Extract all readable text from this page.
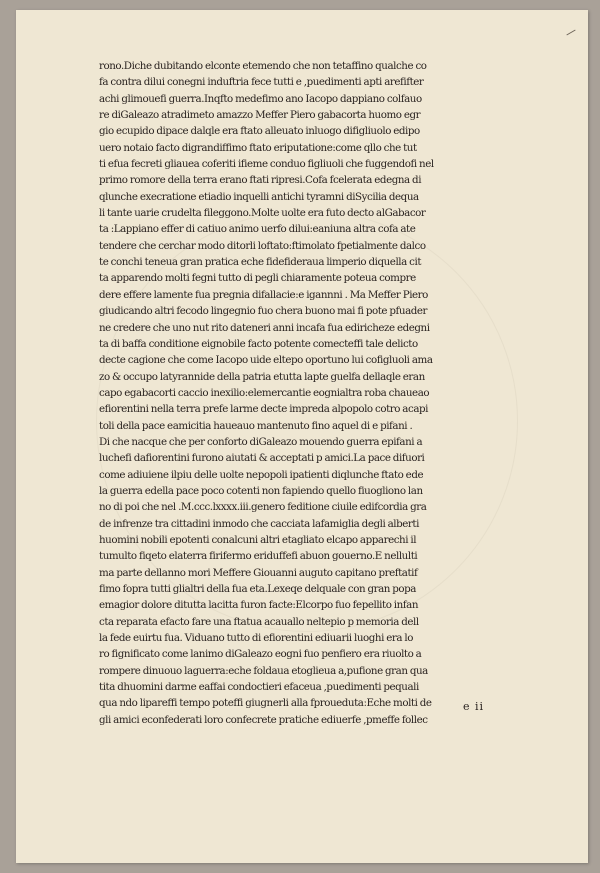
rono.Diche dubitando elconte etemendo che non tetaffino qualche co
fa contra dilui conegni induftria fece tutti e ,puedimenti apti arefifter
achi glimouefi guerra.Inqfto medefimo ano Iacopo dappiano colfauo
re diGaleazo atradimeto amazzo Meffer Piero gabacorta huomo egr
gio ecupido dipace dalqle era ftato alleuato inluogo difigliuolo edipo
uero notaio facto digrandiffimo ftato eriputatione:come qllo che tut
ti efua fecreti gliauea coferiti ifieme conduo figliuoli che fuggendofi nel
primo romore della terra erano ftati ripresi.Cofa fcelerata edegna di
qlunche execratione etiadio inquelli antichi tyramni diSycilia dequa
li tante uarie crudelta fileggono.Molte uolte era futo decto alGabacor
ta :Lappiano effer di catiuo animo uerfo dilui:eaniuna altra cofa ate
tendere che cerchar modo ditorli loftato:ftimolato fpetialmente dalco
te conchi teneua gran pratica eche fidefideraua limperio diquella cit
ta apparendo molti fegni tutto di pegli chiaramente poteua compre
dere effere lamente fua pregnia difallacie:e igannni . Ma Meffer Piero
giudicando altri fecodo lingegnio fuo chera buono mai fi pote pfuader
ne credere che uno nut rito dateneri anni incafa fua ediricheze edegni
ta di baffa conditione eignobile facto potente comecteffi tale delicto
decte cagione che come Iacopo uide eltepo oportuno lui cofigluoli ama
zo & occupo latyrannide della patria etutta lapte guelfa dellaqle eran
capo egabacorti caccio inexilio:elemercantie eognialtra roba chaueao
efiorentini nella terra prefe larme decte impreda alpopolo cotro acapi
toli della pace eamicitia haueauo mantenuto fino aquel di e pifani .
Di che nacque che per conforto diGaleazo mouendo guerra epifani a
luchefi dafiorentini furono aiutati & acceptati p amici.La pace difuori
come adiuiene ilpiu delle uolte nepopoli ipatienti diqlunche ftato ede
la guerra edella pace poco cotenti non fapiendo quello fiuogliono lan
no di poi che nel .M.ccc.lxxxx.iii.genero feditione ciuile edifcordia gra
de infrenze tra cittadini inmodo che cacciata lafamiglia degli alberti
huomini nobili epotenti conalcuni altri etagliato elcapo apparechi il
tumulto fiqeto elaterra firifermo eriduffefi abuon gouerno.E nellulti
ma parte dellanno mori Meffere Giouanni auguto capitano preftatif
fimo fopra tutti glialtri della fua eta.Lexeqe delquale con gran popa
emagior dolore ditutta lacitta furon facte:Elcorpo fuo fepellito infan
cta reparata efacto fare una ftatua acauallo neltepio p memoria dell
la fede euirtu fua. Viduano tutto di efiorentini ediuarii luoghi era lo
ro fignificato come lanimo diGaleazo eogni fuo penfiero era riuolto a
rompere dinuouo laguerra:eche foldaua etoglieua a,pufione gran qua
tita dhuomini darme eaffai condoctieri efaceua ,puedimenti pequali
qua ndo lipareffi tempo poteffi giugnerli alla fprouedutaːEche molti de
gli amici econfederati loro confecrete pratiche ediuerfe ,pmeffe follec
e ii
